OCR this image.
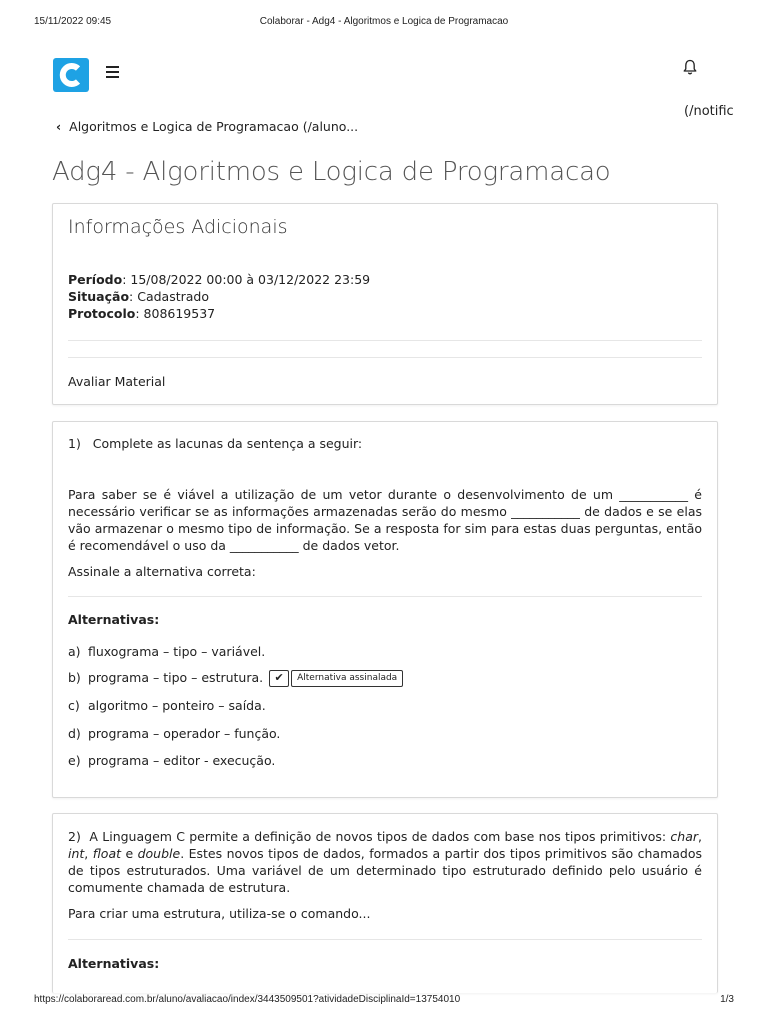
15/11/2022 09:45	Colaborar - Adg4 - Algoritmos e Logica de Programacao
(/notific
‹ Algoritmos e Logica de Programacao (/aluno...
Adg4 - Algoritmos e Logica de Programacao
Informações Adicionais
Período: 15/08/2022 00:00 à 03/12/2022 23:59
Situação: Cadastrado
Protocolo: 808619537
Avaliar Material
1) Complete as lacunas da sentença a seguir:
Para saber se é viável a utilização de um vetor durante o desenvolvimento de um ___________ é necessário verificar se as informações armazenadas serão do mesmo ___________ de dados e se elas vão armazenar o mesmo tipo de informação. Se a resposta for sim para estas duas perguntas, então é recomendável o uso da ___________ de dados vetor.
Assinale a alternativa correta:
Alternativas:
a) fluxograma – tipo – variável.
b) programa – tipo – estrutura. ✔ Alternativa assinalada
c) algoritmo – ponteiro – saída.
d) programa – operador – função.
e) programa – editor - execução.
2) A Linguagem C permite a definição de novos tipos de dados com base nos tipos primitivos: char, int, float e double. Estes novos tipos de dados, formados a partir dos tipos primitivos são chamados de tipos estruturados. Uma variável de um determinado tipo estruturado definido pelo usuário é comumente chamada de estrutura.
Para criar uma estrutura, utiliza-se o comando...
Alternativas:
https://colaboraread.com.br/aluno/avaliacao/index/3443509501?atividadeDisciplinaId=13754010	1/3
